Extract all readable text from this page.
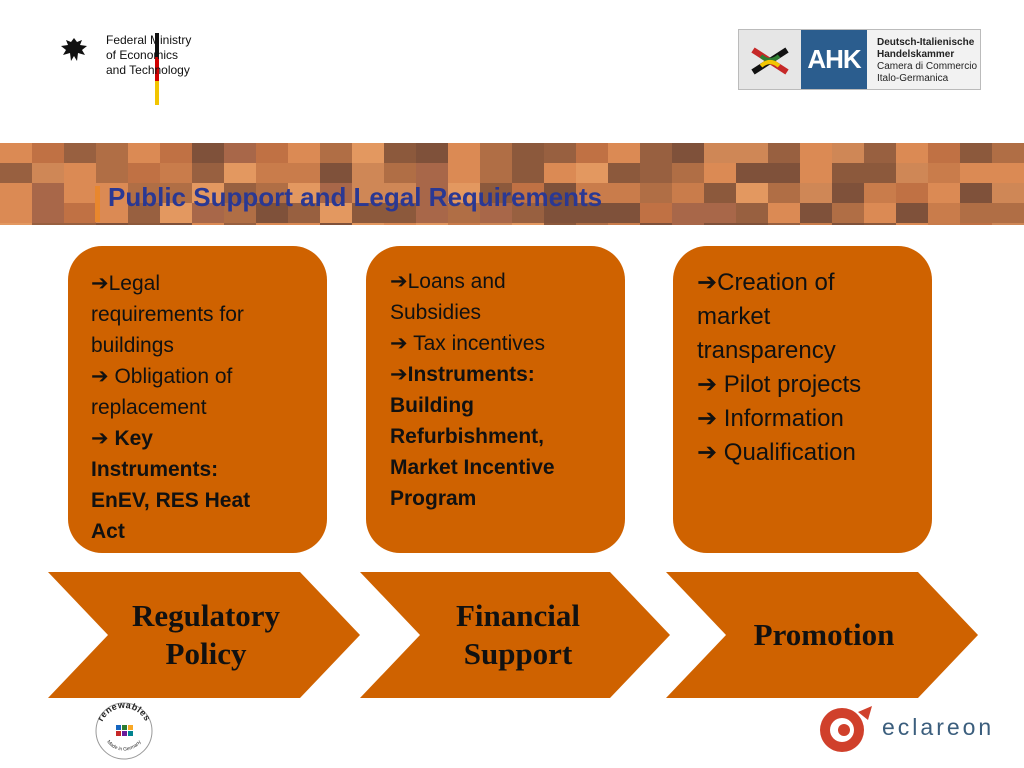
Federal Ministry
of Economics
and Technology	AHK
Deutsch-Italienische
Handelskammer
Camera di Commercio
Italo-Germanica
Public Support and Legal Requirements
➔Legal
requirements for
buildings
➔ Obligation of
replacement
➔ Key
Instruments:
EnEV, RES Heat
Act
➔Loans and
Subsidies
➔ Tax incentives
➔Instruments:
Building
Refurbishment,
Market Incentive
Program
➔Creation of
market
transparency
➔ Pilot projects
➔ Information
➔ Qualification
Regulatory
Policy
Financial
Support
Promotion
renewables
Made in Germany
eclareon
